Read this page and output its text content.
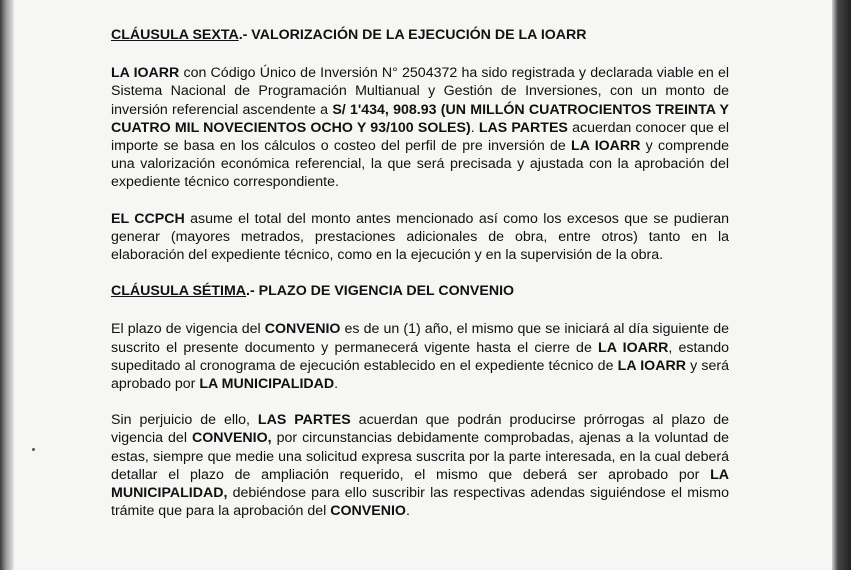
CLÁUSULA SEXTA.- VALORIZACIÓN DE LA EJECUCIÓN DE LA IOARR

LA IOARR con Código Único de Inversión N° 2504372 ha sido registrada y declarada viable en el Sistema Nacional de Programación Multianual y Gestión de Inversiones, con un monto de inversión referencial ascendente a S/ 1'434, 908.93 (UN MILLÓN CUATROCIENTOS TREINTA Y CUATRO MIL NOVECIENTOS OCHO Y 93/100 SOLES). LAS PARTES acuerdan conocer que el importe se basa en los cálculos o costeo del perfil de pre inversión de LA IOARR y comprende una valorización económica referencial, la que será precisada y ajustada con la aprobación del expediente técnico correspondiente.

EL CCPCH asume el total del monto antes mencionado así como los excesos que se pudieran generar (mayores metrados, prestaciones adicionales de obra, entre otros) tanto en la elaboración del expediente técnico, como en la ejecución y en la supervisión de la obra.

CLÁUSULA SÉTIMA.- PLAZO DE VIGENCIA DEL CONVENIO

El plazo de vigencia del CONVENIO es de un (1) año, el mismo que se iniciará al día siguiente de suscrito el presente documento y permanecerá vigente hasta el cierre de LA IOARR, estando supeditado al cronograma de ejecución establecido en el expediente técnico de LA IOARR y será aprobado por LA MUNICIPALIDAD.

Sin perjuicio de ello, LAS PARTES acuerdan que podrán producirse prórrogas al plazo de vigencia del CONVENIO, por circunstancias debidamente comprobadas, ajenas a la voluntad de estas, siempre que medie una solicitud expresa suscrita por la parte interesada, en la cual deberá detallar el plazo de ampliación requerido, el mismo que deberá ser aprobado por LA MUNICIPALIDAD, debiéndose para ello suscribir las respectivas adendas siguiéndose el mismo trámite que para la aprobación del CONVENIO.
